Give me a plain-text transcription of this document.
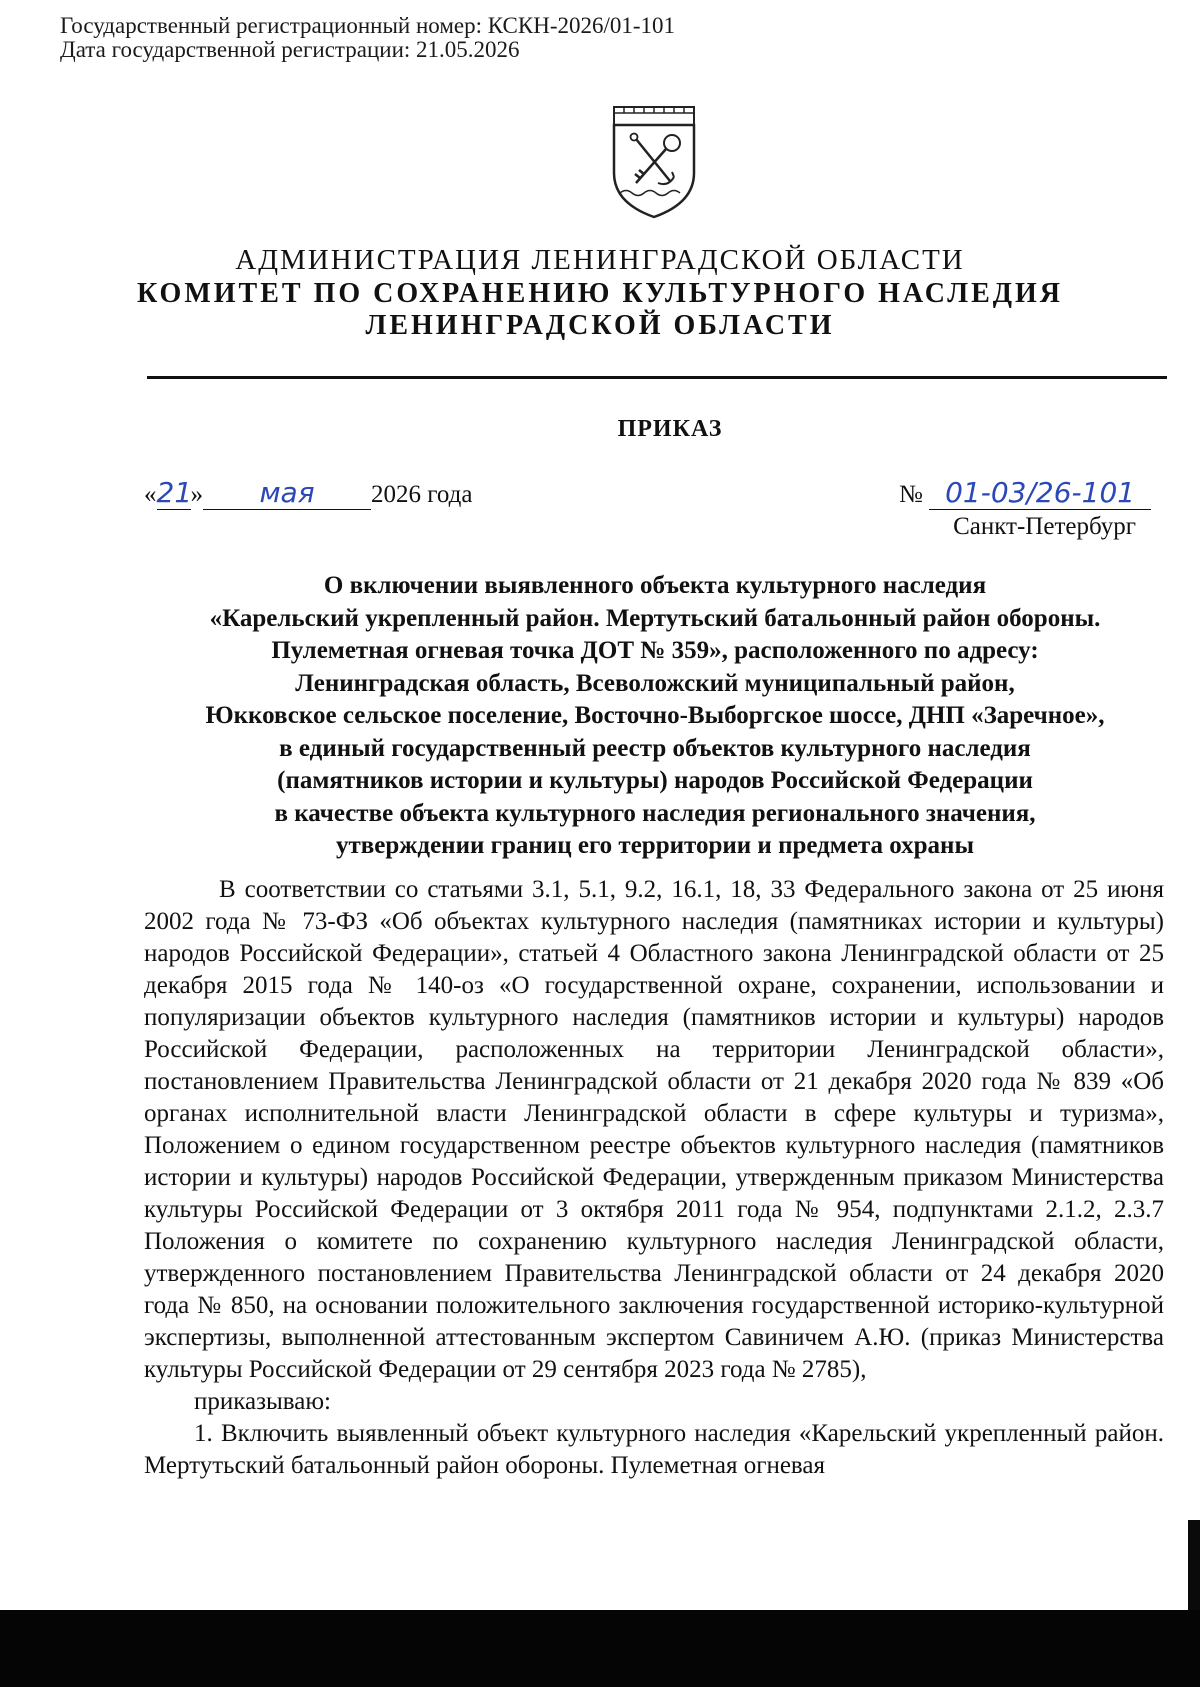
Государственный регистрационный номер: КСКН-2026/01-101
Дата государственной регистрации: 21.05.2026
АДМИНИСТРАЦИЯ ЛЕНИНГРАДСКОЙ ОБЛАСТИ
КОМИТЕТ ПО СОХРАНЕНИЮ КУЛЬТУРНОГО НАСЛЕДИЯ
ЛЕНИНГРАДСКОЙ ОБЛАСТИ
ПРИКАЗ
«21» мая 2026 года	№ 01-03/26-101
Санкт-Петербург
О включении выявленного объекта культурного наследия
«Карельский укрепленный район. Мертутьский батальонный район обороны.
Пулеметная огневая точка ДОТ № 359», расположенного по адресу:
Ленинградская область, Всеволожский муниципальный район,
Юкковское сельское поселение, Восточно-Выборгское шоссе, ДНП «Заречное»,
в единый государственный реестр объектов культурного наследия
(памятников истории и культуры) народов Российской Федерации
в качестве объекта культурного наследия регионального значения,
утверждении границ его территории и предмета охраны

В соответствии со статьями 3.1, 5.1, 9.2, 16.1, 18, 33 Федерального закона от 25 июня 2002 года № 73-ФЗ «Об объектах культурного наследия (памятниках истории и культуры) народов Российской Федерации», статьей 4 Областного закона Ленинградской области от 25 декабря 2015 года № 140-оз «О государственной охране, сохранении, использовании и популяризации объектов культурного наследия (памятников истории и культуры) народов Российской Федерации, расположенных на территории Ленинградской области», постановлением Правительства Ленинградской области от 21 декабря 2020 года № 839 «Об органах исполнительной власти Ленинградской области в сфере культуры и туризма», Положением о едином государственном реестре объектов культурного наследия (памятников истории и культуры) народов Российской Федерации, утвержденным приказом Министерства культуры Российской Федерации от 3 октября 2011 года № 954, подпунктами 2.1.2, 2.3.7 Положения о комитете по сохранению культурного наследия Ленинградской области, утвержденного постановлением Правительства Ленинградской области от 24 декабря 2020 года № 850, на основании положительного заключения государственной историко-культурной экспертизы, выполненной аттестованным экспертом Савиничем А.Ю. (приказ Министерства культуры Российской Федерации от 29 сентября 2023 года № 2785),

приказываю:

1. Включить выявленный объект культурного наследия «Карельский укрепленный район. Мертутьский батальонный район обороны. Пулеметная огневая
